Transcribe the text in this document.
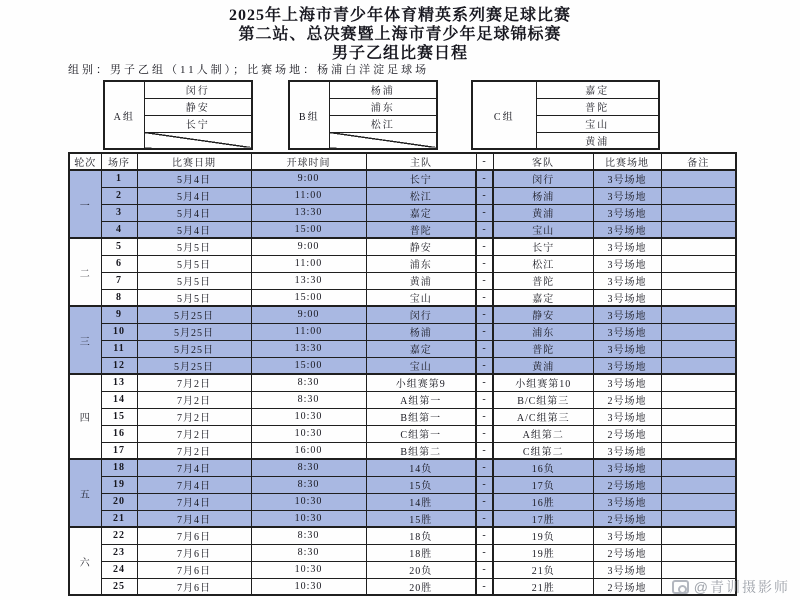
2025年上海市青少年体育精英系列赛足球比赛
第二站、总决赛暨上海市青少年足球锦标赛
男子乙组比赛日程
组别：男子乙组（11人制）；比赛场地：杨浦白洋淀足球场
A组	闵行
静安
长宁

B组	杨浦
浦东
松江

C组	嘉定
普陀
宝山
黄浦
轮次	场序	比赛日期	开球时间	主队	-	客队	比赛场地	备注
一	1	5月4日	9:00	长宁	-	闵行	3号场地	
	2	5月4日	11:00	松江	-	杨浦	3号场地	
	3	5月4日	13:30	嘉定	-	黄浦	3号场地	
	4	5月4日	15:00	普陀	-	宝山	3号场地	
二	5	5月5日	9:00	静安	-	长宁	3号场地	
	6	5月5日	11:00	浦东	-	松江	3号场地	
	7	5月5日	13:30	黄浦	-	普陀	3号场地	
	8	5月5日	15:00	宝山	-	嘉定	3号场地	
三	9	5月25日	9:00	闵行	-	静安	3号场地	
	10	5月25日	11:00	杨浦	-	浦东	3号场地	
	11	5月25日	13:30	嘉定	-	普陀	3号场地	
	12	5月25日	15:00	宝山	-	黄浦	3号场地	
四	13	7月2日	8:30	小组赛第9	-	小组赛第10	3号场地	
	14	7月2日	8:30	A组第一	-	B/C组第三	2号场地	
	15	7月2日	10:30	B组第一	-	A/C组第三	3号场地	
	16	7月2日	10:30	C组第一	-	A组第二	2号场地	
	17	7月2日	16:00	B组第二	-	C组第二	3号场地	
五	18	7月4日	8:30	14负	-	16负	3号场地	
	19	7月4日	8:30	15负	-	17负	2号场地	
	20	7月4日	10:30	14胜	-	16胜	3号场地	
	21	7月4日	10:30	15胜	-	17胜	2号场地	
六	22	7月6日	8:30	18负	-	19负	3号场地	
	23	7月6日	8:30	18胜	-	19胜	2号场地	
	24	7月6日	10:30	20负	-	21负	3号场地	
	25	7月6日	10:30	20胜	-	21胜	2号场地		@青训摄影师
